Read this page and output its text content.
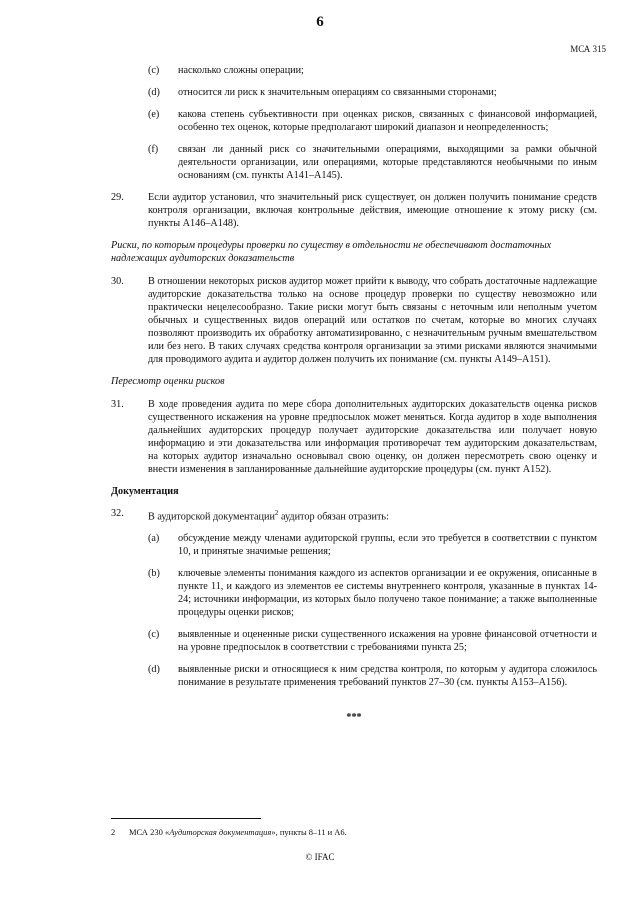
6
МСА 315
(c)	насколько сложны операции;
(d)	относится ли риск к значительным операциям со связанными сторонами;
(e)	какова степень субъективности при оценках рисков, связанных с финансовой информацией, особенно тех оценок, которые предполагают широкий диапазон и неопределенность;
(f)	связан ли данный риск со значительными операциями, выходящими за рамки обычной деятельности организации, или операциями, которые представляются необычными по иным основаниям (см. пункты А141–А145).
29.	Если аудитор установил, что значительный риск существует, он должен получить понимание средств контроля организации, включая контрольные действия, имеющие отношение к этому риску (см. пункты А146–А148).
Риски, по которым процедуры проверки по существу в отдельности не обеспечивают достаточных надлежащих аудиторских доказательств
30.	В отношении некоторых рисков аудитор может прийти к выводу, что собрать достаточные надлежащие аудиторские доказательства только на основе процедур проверки по существу невозможно или практически нецелесообразно. Такие риски могут быть связаны с неточным или неполным учетом обычных и существенных видов операций или остатков по счетам, которые во многих случаях позволяют производить их обработку автоматизированно, с незначительным ручным вмешательством или без него. В таких случаях средства контроля организации за этими рисками являются значимыми для проводимого аудита и аудитор должен получить их понимание (см. пункты А149–А151).
Пересмотр оценки рисков
31.	В ходе проведения аудита по мере сбора дополнительных аудиторских доказательств оценка рисков существенного искажения на уровне предпосылок может меняться. Когда аудитор в ходе выполнения дальнейших аудиторских процедур получает аудиторские доказательства или получает новую информацию и эти доказательства или информация противоречат тем аудиторским доказательствам, на которых аудитор изначально основывал свою оценку, он должен пересмотреть свою оценку и внести изменения в запланированные дальнейшие аудиторские процедуры (см. пункт А152).
Документация
32.	В аудиторской документации$^2$ аудитор обязан отразить:
(a)	обсуждение между членами аудиторской группы, если это требуется в соответствии с пунктом 10, и принятые значимые решения;
(b)	ключевые элементы понимания каждого из аспектов организации и ее окружения, описанные в пункте 11, и каждого из элементов ее системы внутреннего контроля, указанные в пунктах 14-24; источники информации, из которых было получено такое понимание; а также выполненные процедуры оценки рисков;
(c)	выявленные и оцененные риски существенного искажения на уровне финансовой отчетности и на уровне предпосылок в соответствии с требованиями пункта 25;
(d)	выявленные риски и относящиеся к ним средства контроля, по которым у аудитора сложилось понимание в результате применения требований пунктов 27–30 (см. пункты А153–А156).
***
2 МСА 230 «Аудиторская документация», пункты 8–11 и А6.
© IFAC
